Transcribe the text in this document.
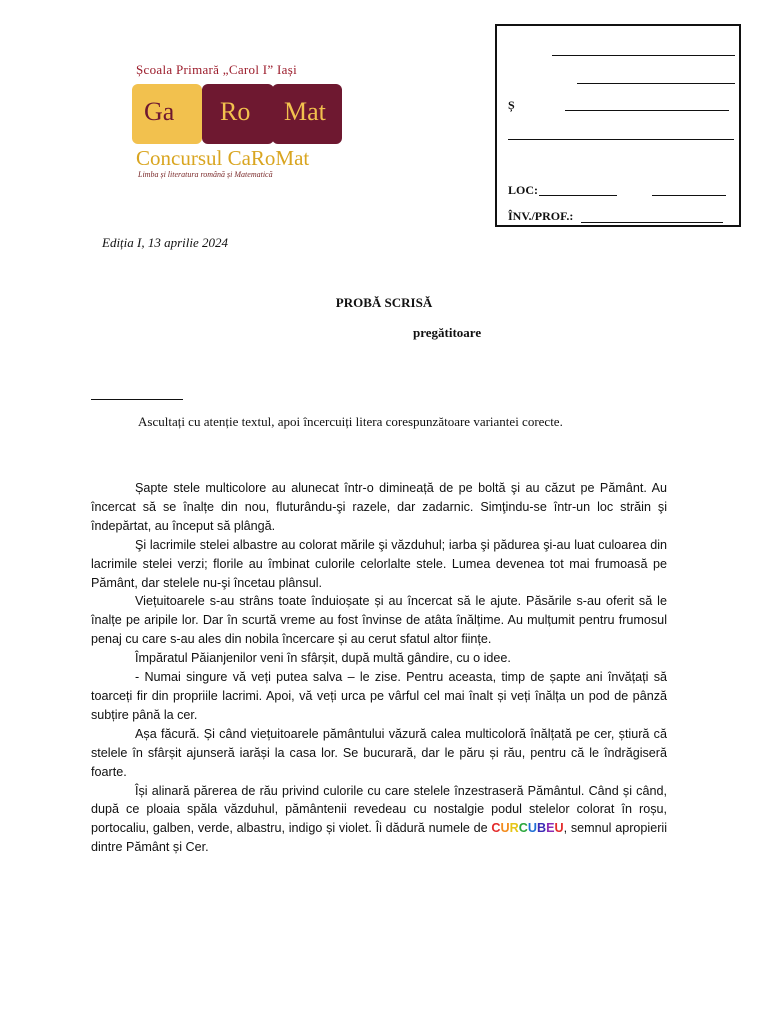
Școala Primară „Carol I” Iași
Ga Ro Mat
Concursul CaRoMat
Limba și literatura română și Matematică
Ș
LOC:
ÎNV./PROF.:
Ediția I, 13 aprilie 2024
PROBĂ SCRISĂ
pregătitoare
Ascultați cu atenție textul, apoi încercuiți litera corespunzătoare variantei corecte.

Șapte stele multicolore au alunecat într-o dimineață de pe boltă şi au căzut pe Pământ. Au încercat să se înalțe din nou, fluturându-şi razele, dar zadarnic. Simţindu-se într-un loc străin şi îndepărtat, au început să plângă.

Şi lacrimile stelei albastre au colorat mările şi văzduhul; iarba şi pădurea şi-au luat culoarea din lacrimile stelei verzi; florile au îmbinat culorile celorlalte stele. Lumea devenea tot mai frumoasă pe Pământ, dar stelele nu-şi încetau plânsul.

Viețuitoarele s-au strâns toate înduioșate și au încercat să le ajute. Păsările s-au oferit să le înalțe pe aripile lor. Dar în scurtă vreme au fost învinse de atâta înălțime. Au mulțumit pentru frumosul penaj cu care s-au ales din nobila încercare și au cerut sfatul altor ființe.

Împăratul Păianjenilor veni în sfârșit, după multă gândire, cu o idee.

- Numai singure vă veți putea salva – le zise. Pentru aceasta, timp de șapte ani învățați să toarceți fir din propriile lacrimi. Apoi, vă veți urca pe vârful cel mai înalt și veți înălța un pod de pânză subțire până la cer.

Așa făcură. Și când viețuitoarele pământului văzură calea multicoloră înălțată pe cer, știură că stelele în sfârșit ajunseră iarăși la casa lor. Se bucurară, dar le păru și rău, pentru că le îndrăgiseră foarte.

Își alinară părerea de rău privind culorile cu care stelele înzestraseră Pământul. Când și când, după ce ploaia spăla văzduhul, pământenii revedeau cu nostalgie podul stelelor colorat în roșu, portocaliu, galben, verde, albastru, indigo și violet. Îi dădură numele de CURCUBEU, semnul apropierii dintre Pământ și Cer.
